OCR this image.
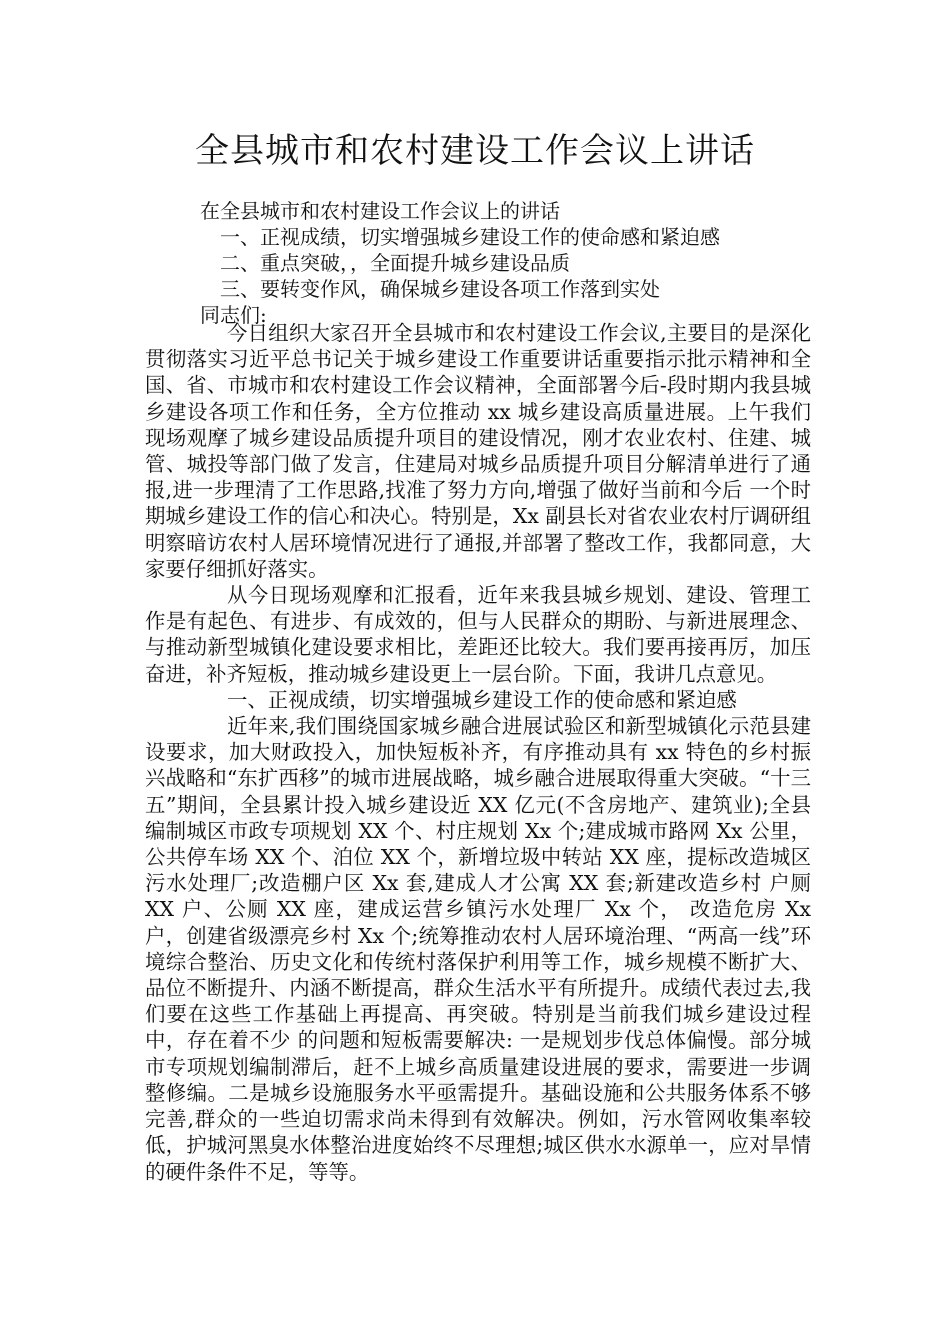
全县城市和农村建设工作会议上讲话
在全县城市和农村建设工作会议上的讲话
一、正视成绩，切实增强城乡建设工作的使命感和紧迫感
二、重点突破，，全面提升城乡建设品质
三、要转变作风，确保城乡建设各项工作落到实处
同志们:

今日组织大家召开全县城市和农村建设工作会议,主要目的是深化贯彻落实习近平总书记关于城乡建设工作重要讲话重要指示批示精神和全国、省、市城市和农村建设工作会议精神，全面部署今后-段时期内我县城乡建设各项工作和任务，全方位推动 xx 城乡建设高质量进展。上午我们现场观摩了城乡建设品质提升项目的建设情况，刚才农业农村、住建、城管、城投等部门做了发言，住建局对城乡品质提升项目分解清单进行了通报,进一步理清了工作思路,找准了努力方向,增强了做好当前和今后 一个时期城乡建设工作的信心和决心。特别是，Xx 副县长对省农业农村厅调研组明察暗访农村人居环境情况进行了通报,并部署了整改工作，我都同意，大家要仔细抓好落实。

从今日现场观摩和汇报看，近年来我县城乡规划、建设、管理工作是有起色、有进步、有成效的，但与人民群众的期盼、与新进展理念、与推动新型城镇化建设要求相比，差距还比较大。我们要再接再厉，加压奋进，补齐短板，推动城乡建设更上一层台阶。下面，我讲几点意见。

一、正视成绩，切实增强城乡建设工作的使命感和紧迫感

近年来,我们围绕国家城乡融合进展试验区和新型城镇化示范县建设要求，加大财政投入，加快短板补齐，有序推动具有 xx 特色的乡村振兴战略和“东扩西移”的城市进展战略，城乡融合进展取得重大突破。“十三五”期间，全县累计投入城乡建设近 XX 亿元(不含房地产、建筑业);全县编制城区市政专项规划 XX 个、村庄规划 Xx 个;建成城市路网 Xx 公里，公共停车场 XX 个、泊位 XX 个，新增垃圾中转站 XX 座，提标改造城区污水处理厂;改造棚户区 Xx 套,建成人才公寓 XX 套;新建改造乡村 户厕 XX 户、公厕 XX 座，建成运营乡镇污水处理厂 Xx 个， 改造危房 Xx 户，创建省级漂亮乡村 Xx 个;统筹推动农村人居环境治理、“两高一线”环境综合整治、历史文化和传统村落保护利用等工作，城乡规模不断扩大、品位不断提升、内涵不断提高，群众生活水平有所提升。成绩代表过去,我们要在这些工作基础上再提高、再突破。特别是当前我们城乡建设过程中，存在着不少 的问题和短板需要解决: 一是规划步伐总体偏慢。部分城市专项规划编制滞后，赶不上城乡高质量建设进展的要求，需要进一步调整修编。二是城乡设施服务水平亟需提升。基础设施和公共服务体系不够完善,群众的一些迫切需求尚未得到有效解决。例如，污水管网收集率较低，护城河黑臭水体整治进度始终不尽理想;城区供水水源单一，应对旱情的硬件条件不足，等等。
